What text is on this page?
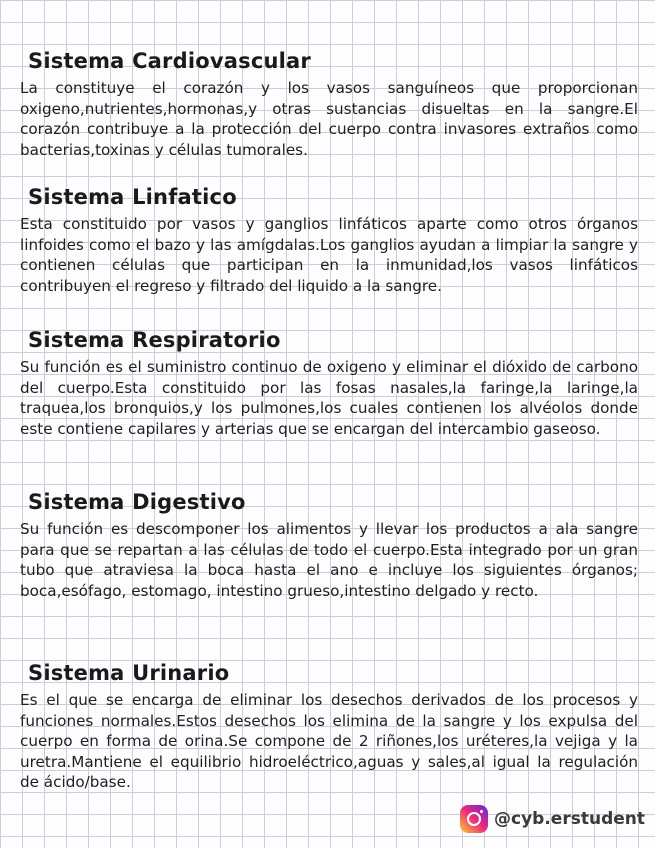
Sistema Cardiovascular

La constituye el corazón y los vasos sanguíneos que proporcionan oxigeno,nutrientes,hormonas,y otras sustancias disueltas en la sangre.El corazón contribuye a la protección del cuerpo contra invasores extraños como bacterias,toxinas y células tumorales.

Sistema Linfatico

Esta constituido por vasos y ganglios linfáticos aparte como otros órganos linfoides como el bazo y las amígdalas.Los ganglios ayudan a limpiar la sangre y contienen células que participan en la inmunidad,los vasos linfáticos contribuyen el regreso y filtrado del liquido a la sangre.

Sistema Respiratorio

Su función es el suministro continuo de oxigeno y eliminar el dióxido de carbono del cuerpo.Esta constituido por las fosas nasales,la faringe,la laringe,la traquea,los bronquios,y los pulmones,los cuales contienen los alvéolos donde este contiene capilares y arterias que se encargan del intercambio gaseoso.

Sistema Digestivo

Su función es descomponer los alimentos y llevar los productos a ala sangre para que se repartan a las células de todo el cuerpo.Esta integrado por un gran tubo que atraviesa la boca hasta el ano e incluye los siguientes órganos; boca,esófago, estomago, intestino grueso,intestino delgado y recto.

Sistema Urinario

Es el que se encarga de eliminar los desechos derivados de los procesos y funciones normales.Estos desechos los elimina de la sangre y los expulsa del cuerpo en forma de orina.Se compone de 2 riñones,los uréteres,la vejiga y la uretra.Mantiene el equilibrio hidroeléctrico,aguas y sales,al igual la regulación de ácido/base.

@cyb.erstudent
